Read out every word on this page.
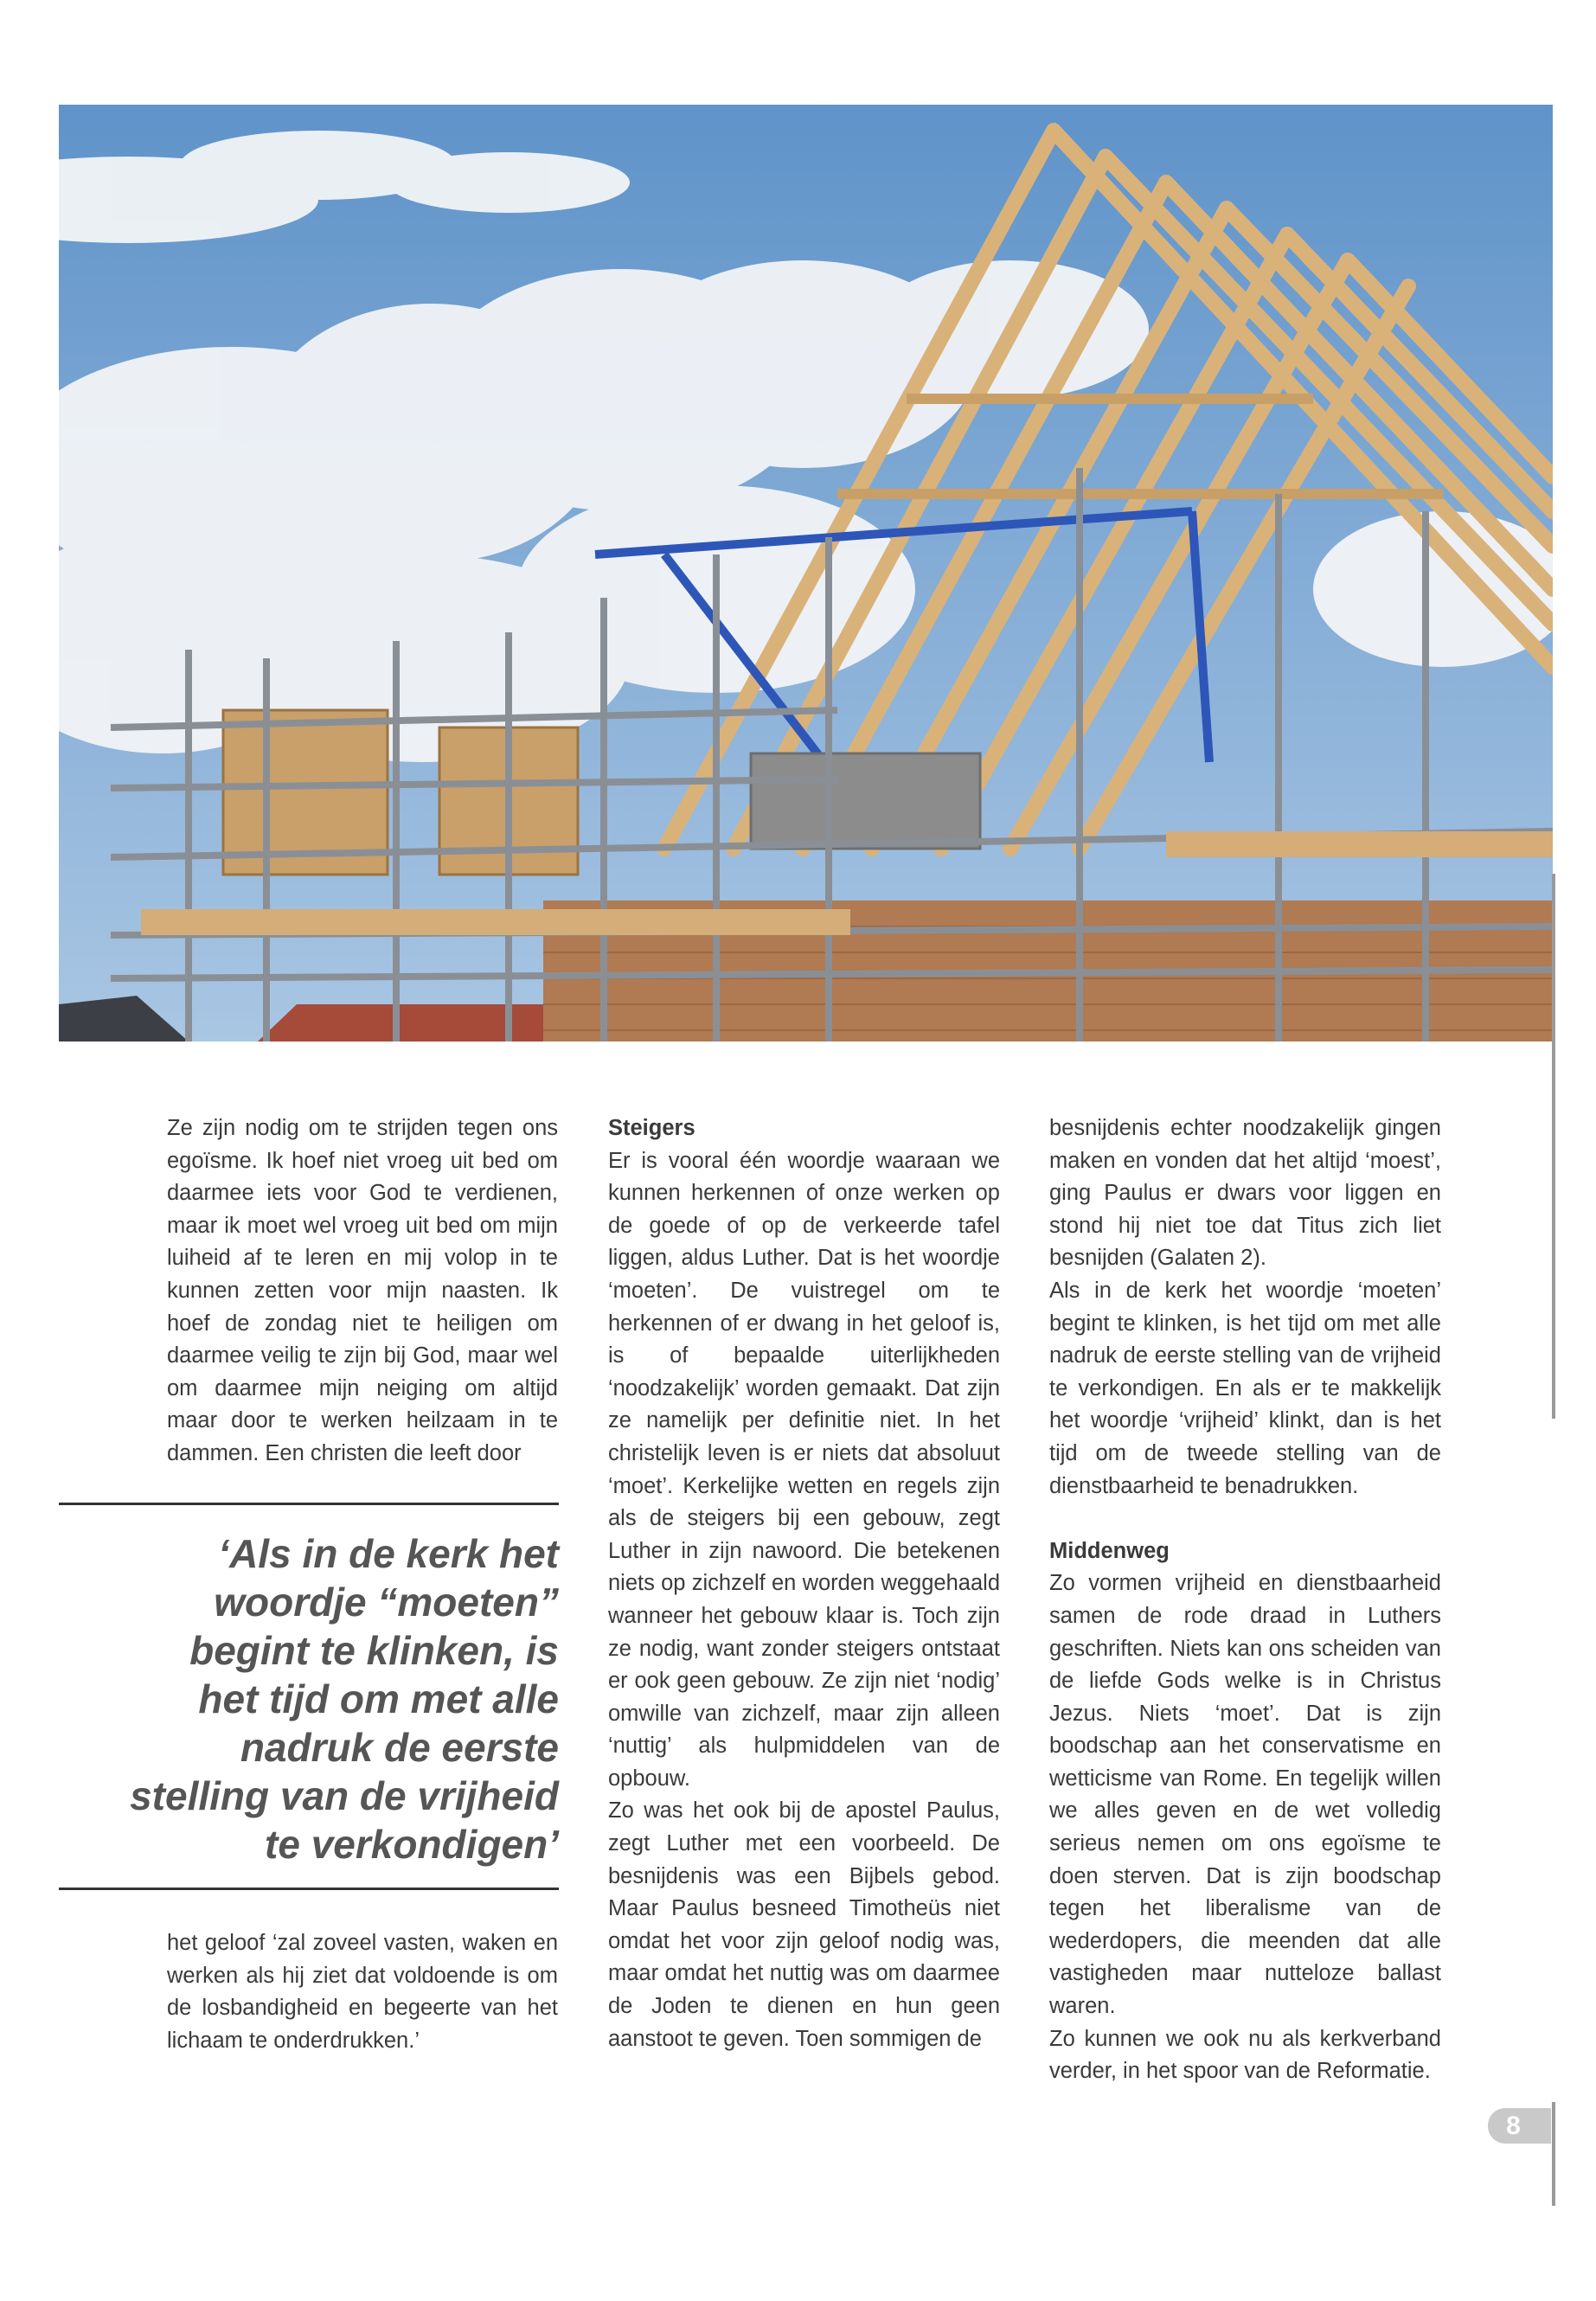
Ze zijn nodig om te strijden tegen ons egoïsme. Ik hoef niet vroeg uit bed om daarmee iets voor God te verdienen, maar ik moet wel vroeg uit bed om mijn luiheid af te leren en mij volop in te kunnen zetten voor mijn naasten. Ik hoef de zondag niet te heiligen om daarmee veilig te zijn bij God, maar wel om daarmee mijn neiging om altijd maar door te werken heilzaam in te dammen. Een christen die leeft door

‘Als in de kerk het
woordje “moeten”
begint te klinken, is
het tijd om met alle
nadruk de eerste
stelling van de vrijheid
te verkondigen’

het geloof ‘zal zoveel vasten, waken en werken als hij ziet dat voldoende is om de losbandigheid en begeerte van het lichaam te onderdrukken.’

Steigers

Er is vooral één woordje waaraan we kunnen herkennen of onze werken op de goede of op de verkeerde tafel liggen, aldus Luther. Dat is het woordje ‘moeten’. De vuistregel om te herkennen of er dwang in het geloof is, is of bepaalde uiterlijkheden ‘noodzakelijk’ worden gemaakt. Dat zijn ze namelijk per definitie niet. In het christelijk leven is er niets dat absoluut ‘moet’. Kerkelijke wetten en regels zijn als de steigers bij een gebouw, zegt Luther in zijn nawoord. Die betekenen niets op zichzelf en worden weggehaald wanneer het gebouw klaar is. Toch zijn ze nodig, want zonder steigers ontstaat er ook geen gebouw. Ze zijn niet ‘nodig’ omwille van zichzelf, maar zijn alleen ‘nuttig’ als hulpmiddelen van de opbouw.

Zo was het ook bij de apostel Paulus, zegt Luther met een voorbeeld. De besnijdenis was een Bijbels gebod. Maar Paulus besneed Timotheüs niet omdat het voor zijn geloof nodig was, maar omdat het nuttig was om daarmee de Joden te dienen en hun geen aanstoot te geven. Toen sommigen de

besnijdenis echter noodzakelijk gingen maken en vonden dat het altijd ‘moest’, ging Paulus er dwars voor liggen en stond hij niet toe dat Titus zich liet besnijden (Galaten 2).

Als in de kerk het woordje ‘moeten’ begint te klinken, is het tijd om met alle nadruk de eerste stelling van de vrijheid te verkondigen. En als er te makkelijk het woordje ‘vrijheid’ klinkt, dan is het tijd om de tweede stelling van de dienstbaarheid te benadrukken.

Middenweg

Zo vormen vrijheid en dienstbaarheid samen de rode draad in Luthers geschriften. Niets kan ons scheiden van de liefde Gods welke is in Christus Jezus. Niets ‘moet’. Dat is zijn boodschap aan het conservatisme en wetticisme van Rome. En tegelijk willen we alles geven en de wet volledig serieus nemen om ons egoïsme te doen sterven. Dat is zijn boodschap tegen het liberalisme van de wederdopers, die meenden dat alle vastigheden maar nutteloze ballast waren.

Zo kunnen we ook nu als kerkverband verder, in het spoor van de Reformatie.

8
